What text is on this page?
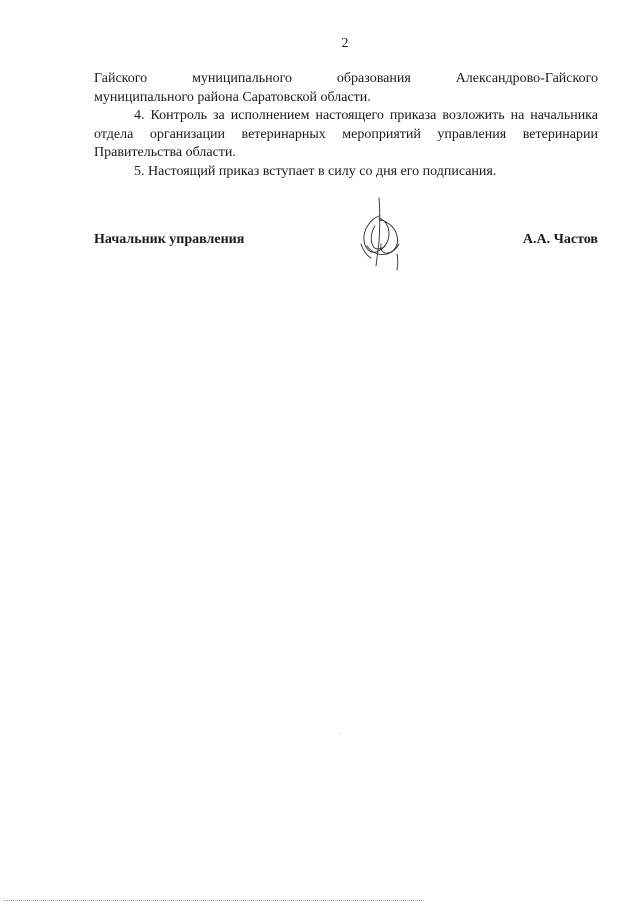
2

Гайского муниципального образования Александрово-Гайского

муниципального района Саратовской области.

4. Контроль за исполнением настоящего приказа возложить на начальника отдела организации ветеринарных мероприятий управления ветеринарии Правительства области.

5. Настоящий приказ вступает в силу со дня его подписания.

Начальник управления	А.А. Частов
